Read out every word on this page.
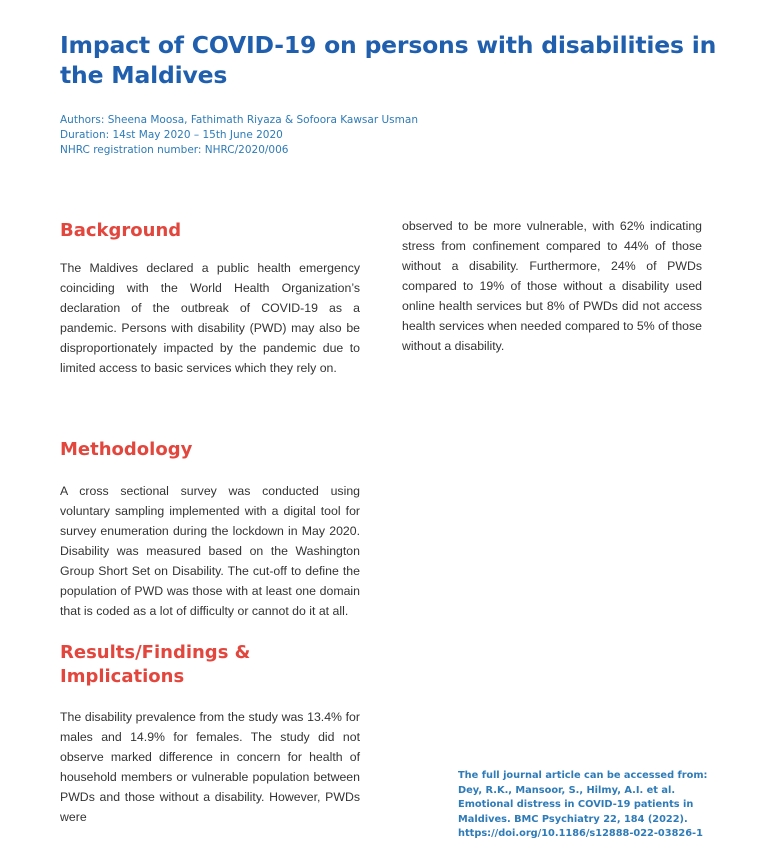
Impact of COVID-19 on persons with disabilities in the Maldives
Authors: Sheena Moosa, Fathimath Riyaza & Sofoora Kawsar Usman
Duration: 14st May 2020 – 15th June 2020
NHRC registration number: NHRC/2020/006
Background

The Maldives declared a public health emergency coinciding with the World Health Organization’s declaration of the outbreak of COVID-19 as a pandemic. Persons with disability (PWD) may also be disproportionately impacted by the pandemic due to limited access to basic services which they rely on.

Methodology

A cross sectional survey was conducted using voluntary sampling implemented with a digital tool for survey enumeration during the lockdown in May 2020. Disability was measured based on the Washington Group Short Set on Disability. The cut-off to define the population of PWD was those with at least one domain that is coded as a lot of difficulty or cannot do it at all.

Results/Findings & Implications

The disability prevalence from the study was 13.4% for males and 14.9% for females. The study did not observe marked difference in concern for health of household members or vulnerable population between PWDs and those without a disability. However, PWDs were

observed to be more vulnerable, with 62% indicating stress from confinement compared to 44% of those without a disability. Furthermore, 24% of PWDs compared to 19% of those without a disability used online health services but 8% of PWDs did not access health services when needed compared to 5% of those without a disability.

The full journal article can be accessed from: Dey, R.K., Mansoor, S., Hilmy, A.I. et al. Emotional distress in COVID-19 patients in Maldives. BMC Psychiatry 22, 184 (2022). https://doi.org/10.1186/s12888-022-03826-1
